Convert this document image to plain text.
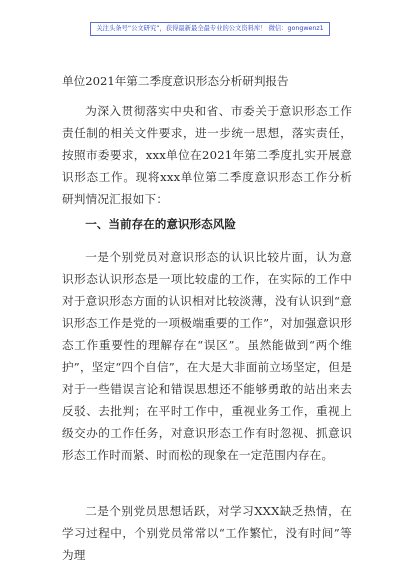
关注头条号“公文研究”，获得最新最全最专业的公文资料库！ 微信：gongwenz1
单位2021年第二季度意识形态分析研判报告

为深入贯彻落实中央和省、市委关于意识形态工作责任制的相关文件要求，进一步统一思想，落实责任，按照市委要求，xxx单位在2021年第二季度扎实开展意识形态工作。现将xxx单位第二季度意识形态工作分析研判情况汇报如下：

一、当前存在的意识形态风险

一是个别党员对意识形态的认识比较片面，认为意识形态认识形态是一项比较虚的工作，在实际的工作中对于意识形态方面的认识相对比较淡薄，没有认识到“意识形态工作是党的一项极端重要的工作”，对加强意识形态工作重要性的理解存在“误区”。虽然能做到“两个维护”，坚定“四个自信”，在大是大非面前立场坚定，但是对于一些错误言论和错误思想还不能够勇敢的站出来去反驳、去批判；在平时工作中，重视业务工作，重视上级交办的工作任务，对意识形态工作有时忽视、抓意识形态工作时而紧、时而松的现象在一定范围内存在。

二是个别党员思想话跃，对学习XXX缺乏热情，在学习过程中，个别党员常常以“工作繁忙，没有时间”等为理
